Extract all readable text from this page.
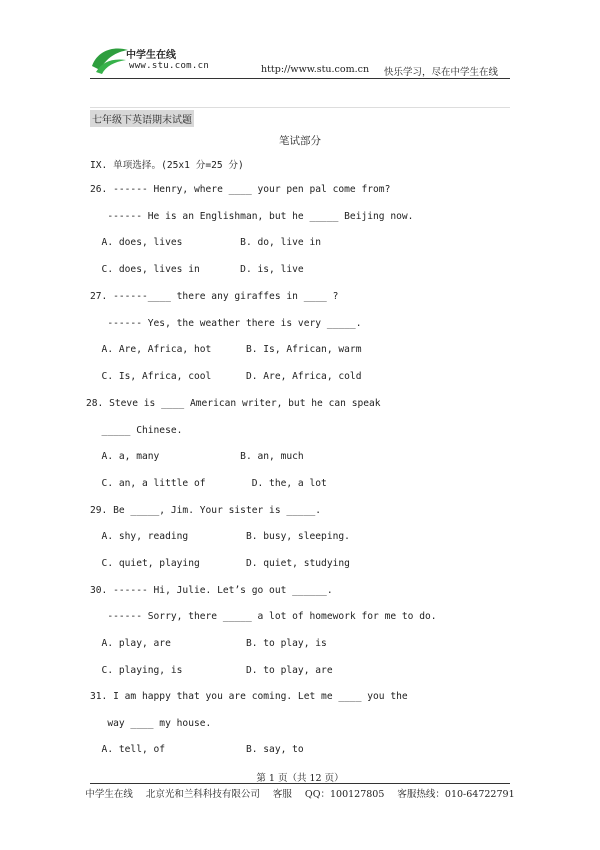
中学生在线
www.stu.com.cn	http://www.stu.com.cn 快乐学习，尽在中学生在线
七年级下英语期末试题
笔试部分
IX. 单项选择。(25x1 分=25 分)
26. ------ Henry, where ____ your pen pal come from?
------ He is an Englishman, but he _____ Beijing now.
A. does, lives          B. do, live in
C. does, lives in       D. is, live
27. ------____ there any giraffes in ____ ?
------ Yes, the weather there is very _____.
A. Are, Africa, hot      B. Is, African, warm
C. Is, Africa, cool      D. Are, Africa, cold
28. Steve is ____ American writer, but he can speak
_____ Chinese.
A. a, many              B. an, much
C. an, a little of        D. the, a lot
29. Be _____, Jim. Your sister is _____.
A. shy, reading          B. busy, sleeping.
C. quiet, playing        D. quiet, studying
30. ------ Hi, Julie. Let’s go out ______.
------ Sorry, there _____ a lot of homework for me to do.
A. play, are             B. to play, is
C. playing, is           D. to play, are
31. I am happy that you are coming. Let me ____ you the
way ____ my house.
A. tell, of              B. say, to
第 1 页（共 12 页）
中学生在线 北京光和兰科科技有限公司 客服 QQ：100127805 客服热线：010-64722791
